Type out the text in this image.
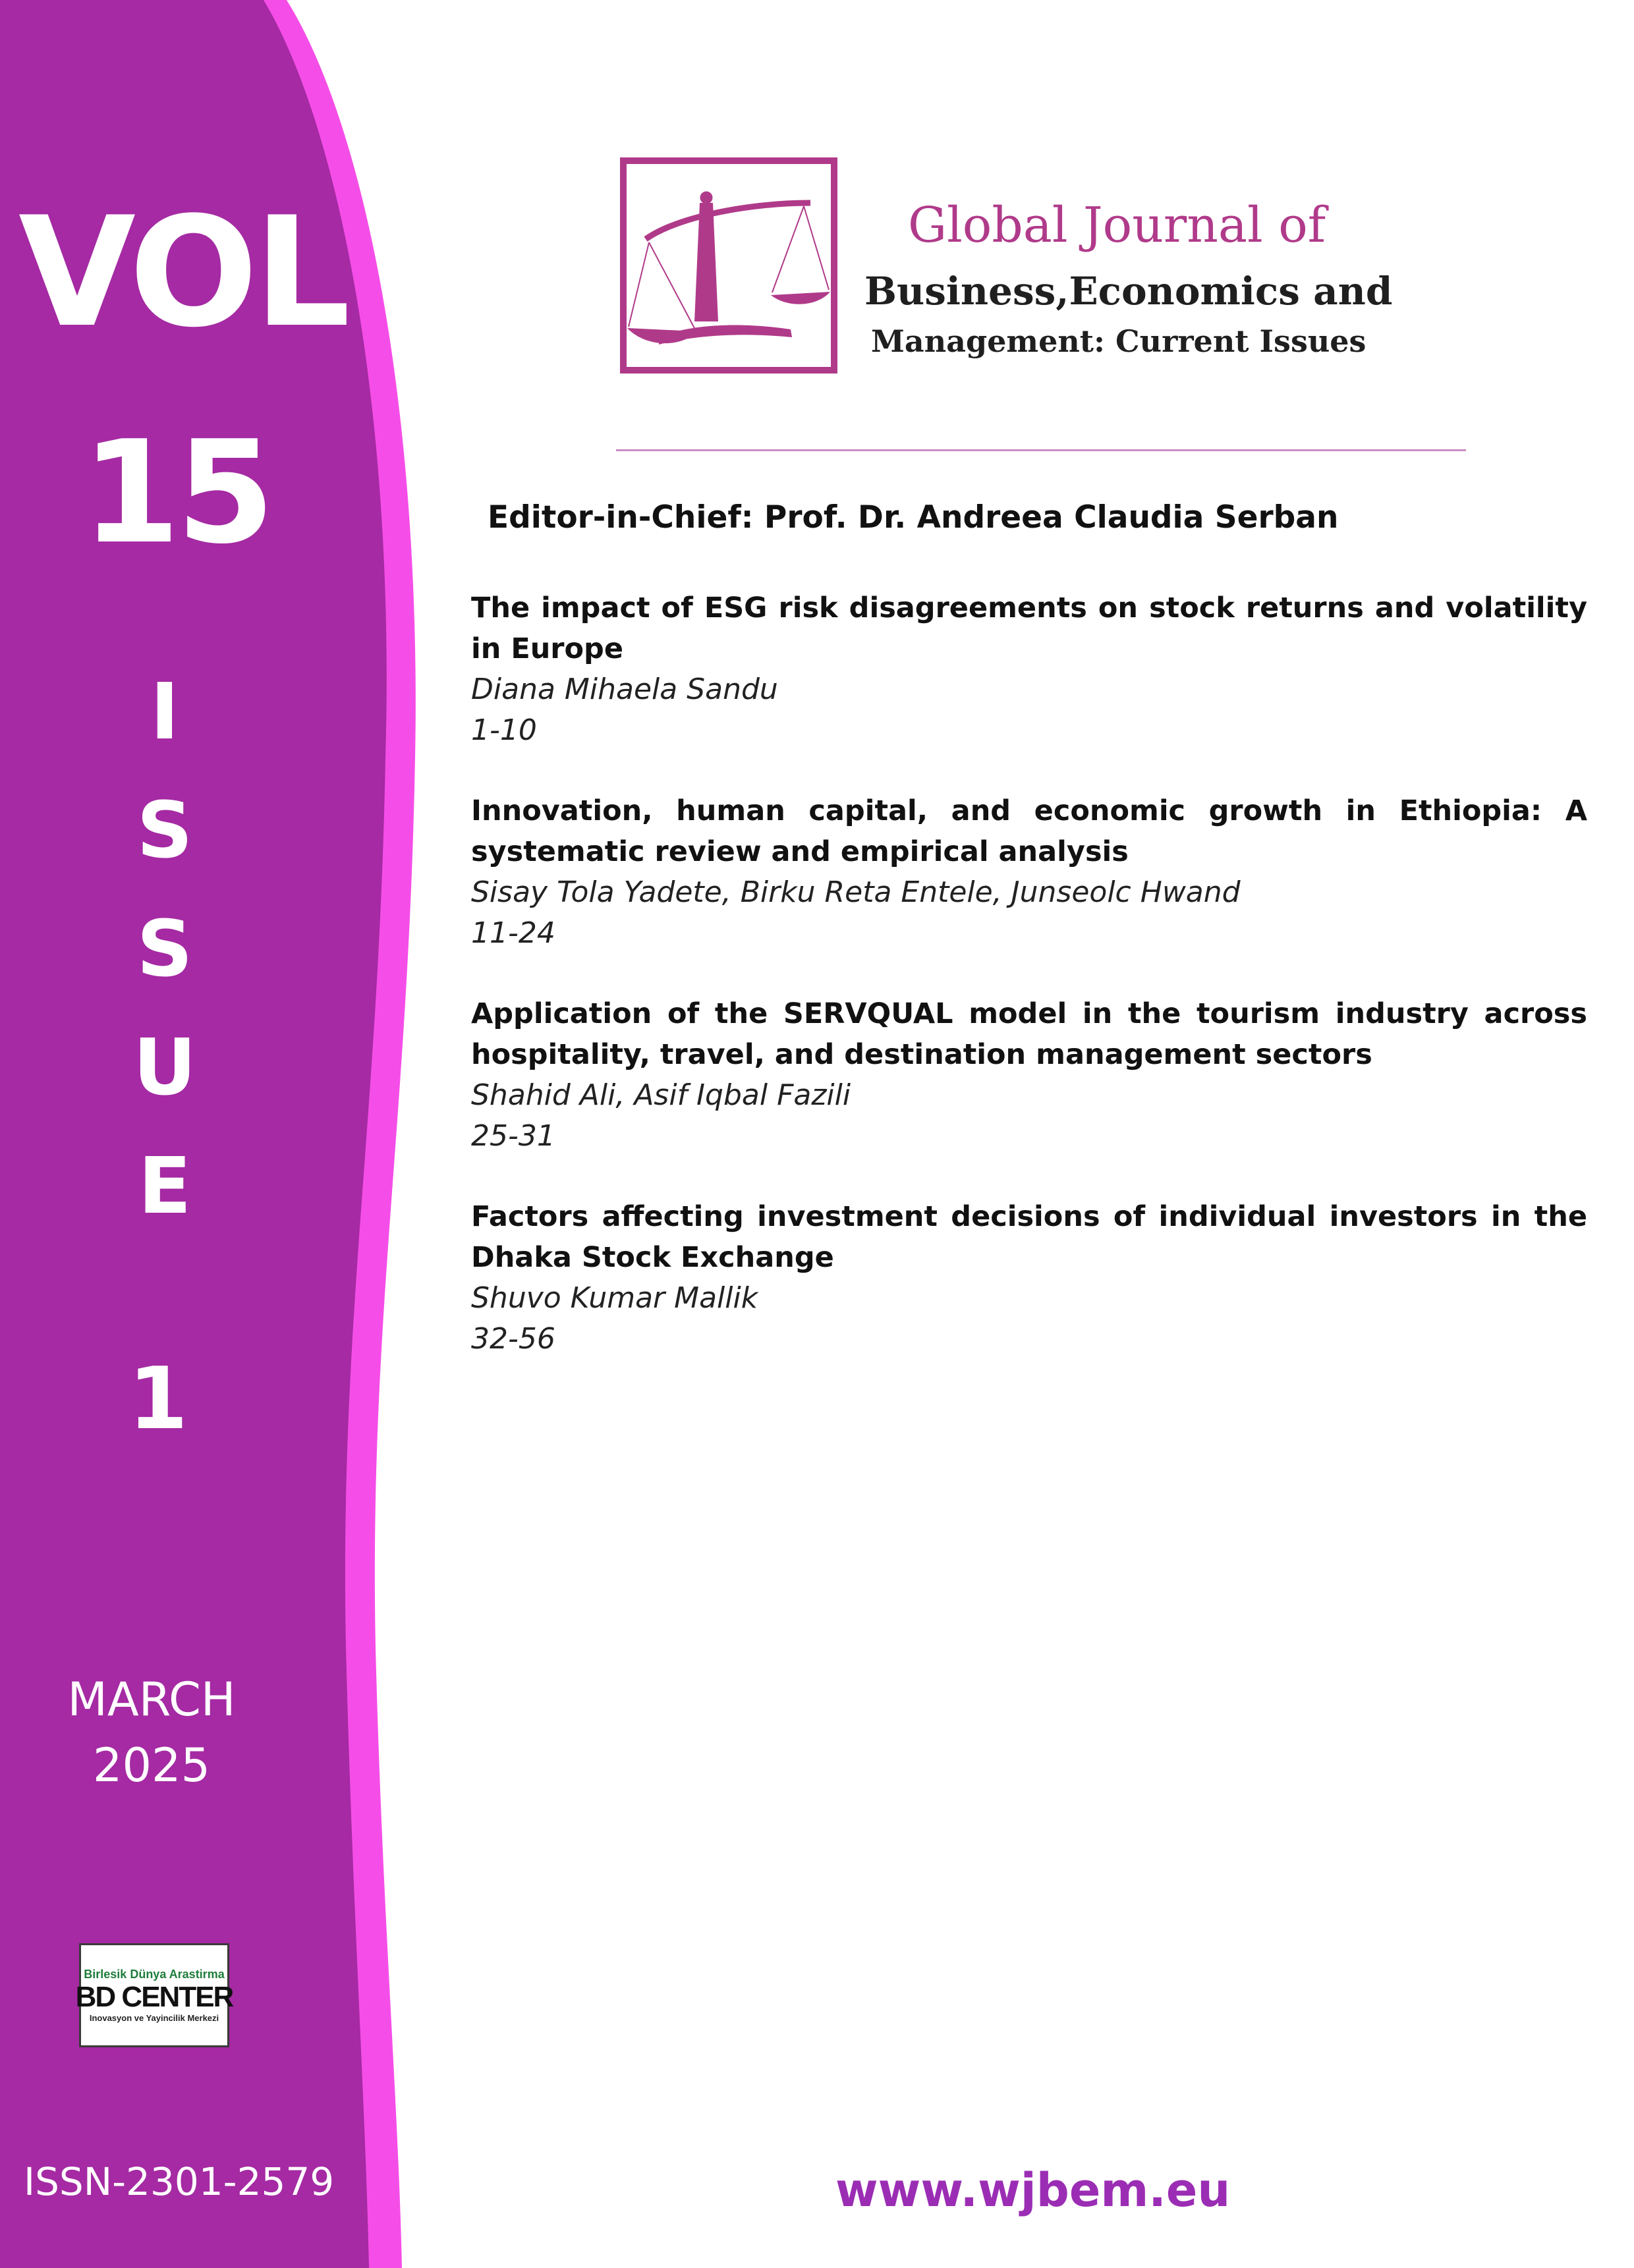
VOL
15
I
S
S
U
E
1
MARCH
2025
Birlesik Dünya Arastirma
BD CENTER
Inovasyon ve Yayincilik Merkezi
ISSN-2301-2579
Global Journal of
Business,Economics and
Management: Current Issues
Editor-in-Chief: Prof. Dr. Andreea Claudia Serban
The impact of ESG risk disagreements on stock returns and volatility in Europe
Diana Mihaela Sandu
1-10
Innovation, human capital, and economic growth in Ethiopia: A systematic review and empirical analysis
Sisay Tola Yadete, Birku Reta Entele, Junseolc Hwand
11-24
Application of the SERVQUAL model in the tourism industry across hospitality, travel, and destination management sectors
Shahid Ali, Asif Iqbal Fazili
25-31
Factors affecting investment decisions of individual investors in the Dhaka Stock Exchange
Shuvo Kumar Mallik
32-56
www.wjbem.eu
